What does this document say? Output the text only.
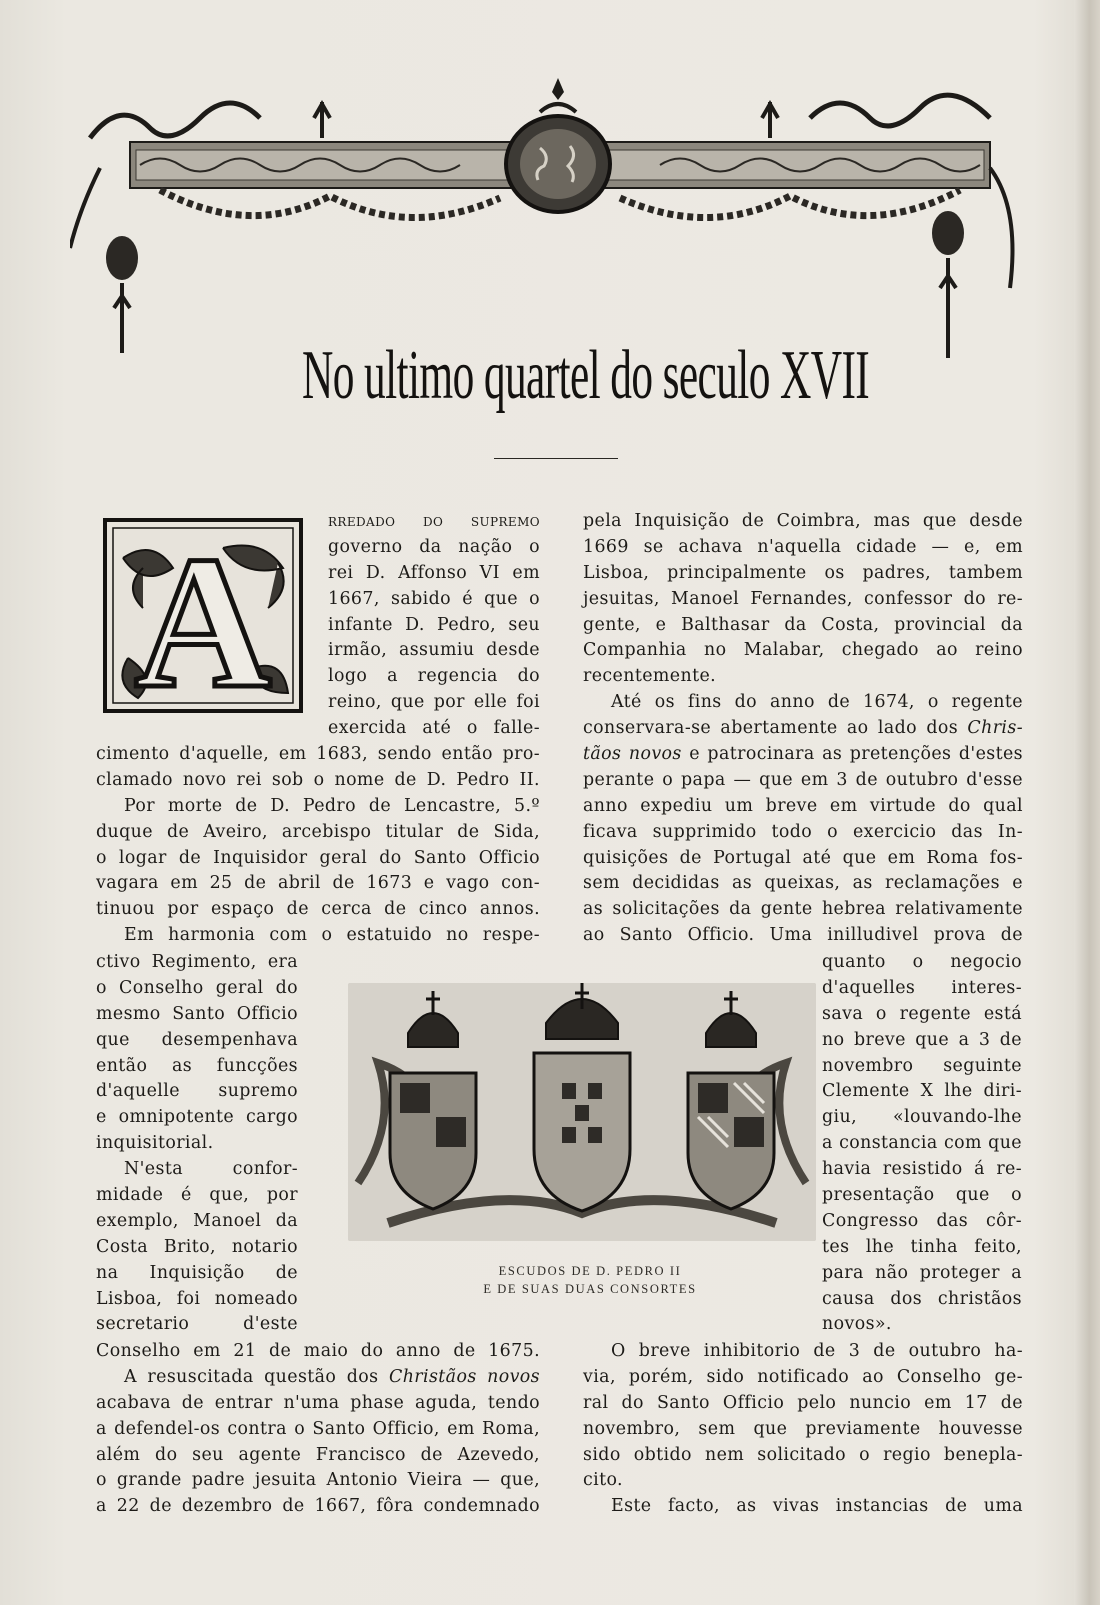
No ultimo quartel do seculo XVII
A	rredado do supremo
governo da nação o
rei D. Affonso VI em
1667, sabido é que o
infante D. Pedro, seu
irmão, assumiu desde
logo a regencia do
reino, que por elle foi
exercida até o falle-
cimento d'aquelle, em 1683, sendo então pro-
clamado novo rei sob o nome de D. Pedro II.
Por morte de D. Pedro de Lencastre, 5.º
duque de Aveiro, arcebispo titular de Sida,
o logar de Inquisidor geral do Santo Officio
vagara em 25 de abril de 1673 e vago con-
tinuou por espaço de cerca de cinco annos.
Em harmonia com o estatuido no respe-
ctivo Regimento, era
o Conselho geral do
mesmo Santo Officio
que desempenhava
então as funcções
d'aquelle supremo
e omnipotente cargo
inquisitorial.
N'esta confor-
midade é que, por
exemplo, Manoel da
Costa Brito, notario
na Inquisição de
Lisboa, foi nomeado
secretario d'este
Conselho em 21 de maio do anno de 1675.
A resuscitada questão dos Christãos novos
acabava de entrar n'uma phase aguda, tendo
a defendel-os contra o Santo Officio, em Roma,
além do seu agente Francisco de Azevedo,
o grande padre jesuita Antonio Vieira — que,
a 22 de dezembro de 1667, fôra condemnado
pela Inquisição de Coimbra, mas que desde
1669 se achava n'aquella cidade — e, em
Lisboa, principalmente os padres, tambem
jesuitas, Manoel Fernandes, confessor do re-
gente, e Balthasar da Costa, provincial da
Companhia no Malabar, chegado ao reino
recentemente.
Até os fins do anno de 1674, o regente
conservara-se abertamente ao lado dos Chris-
tãos novos e patrocinara as pretenções d'estes
perante o papa — que em 3 de outubro d'esse
anno expediu um breve em virtude do qual
ficava supprimido todo o exercicio das In-
quisições de Portugal até que em Roma fos-
sem decididas as queixas, as reclamações e
as solicitações da gente hebrea relativamente
ao Santo Officio. Uma inilludivel prova de
quanto o negocio
d'aquelles interes-
sava o regente está
no breve que a 3 de
novembro seguinte
Clemente X lhe diri-
giu, «louvando-lhe
a constancia com que
havia resistido á re-
presentação que o
Congresso das côr-
tes lhe tinha feito,
para não proteger a
causa dos christãos
novos».
O breve inhibitorio de 3 de outubro ha-
via, porém, sido notificado ao Conselho ge-
ral do Santo Officio pelo nuncio em 17 de
novembro, sem que previamente houvesse
sido obtido nem solicitado o regio benepla-
cito.
Este facto, as vivas instancias de uma
ESCUDOS DE D. PEDRO II
E DE SUAS DUAS CONSORTES
